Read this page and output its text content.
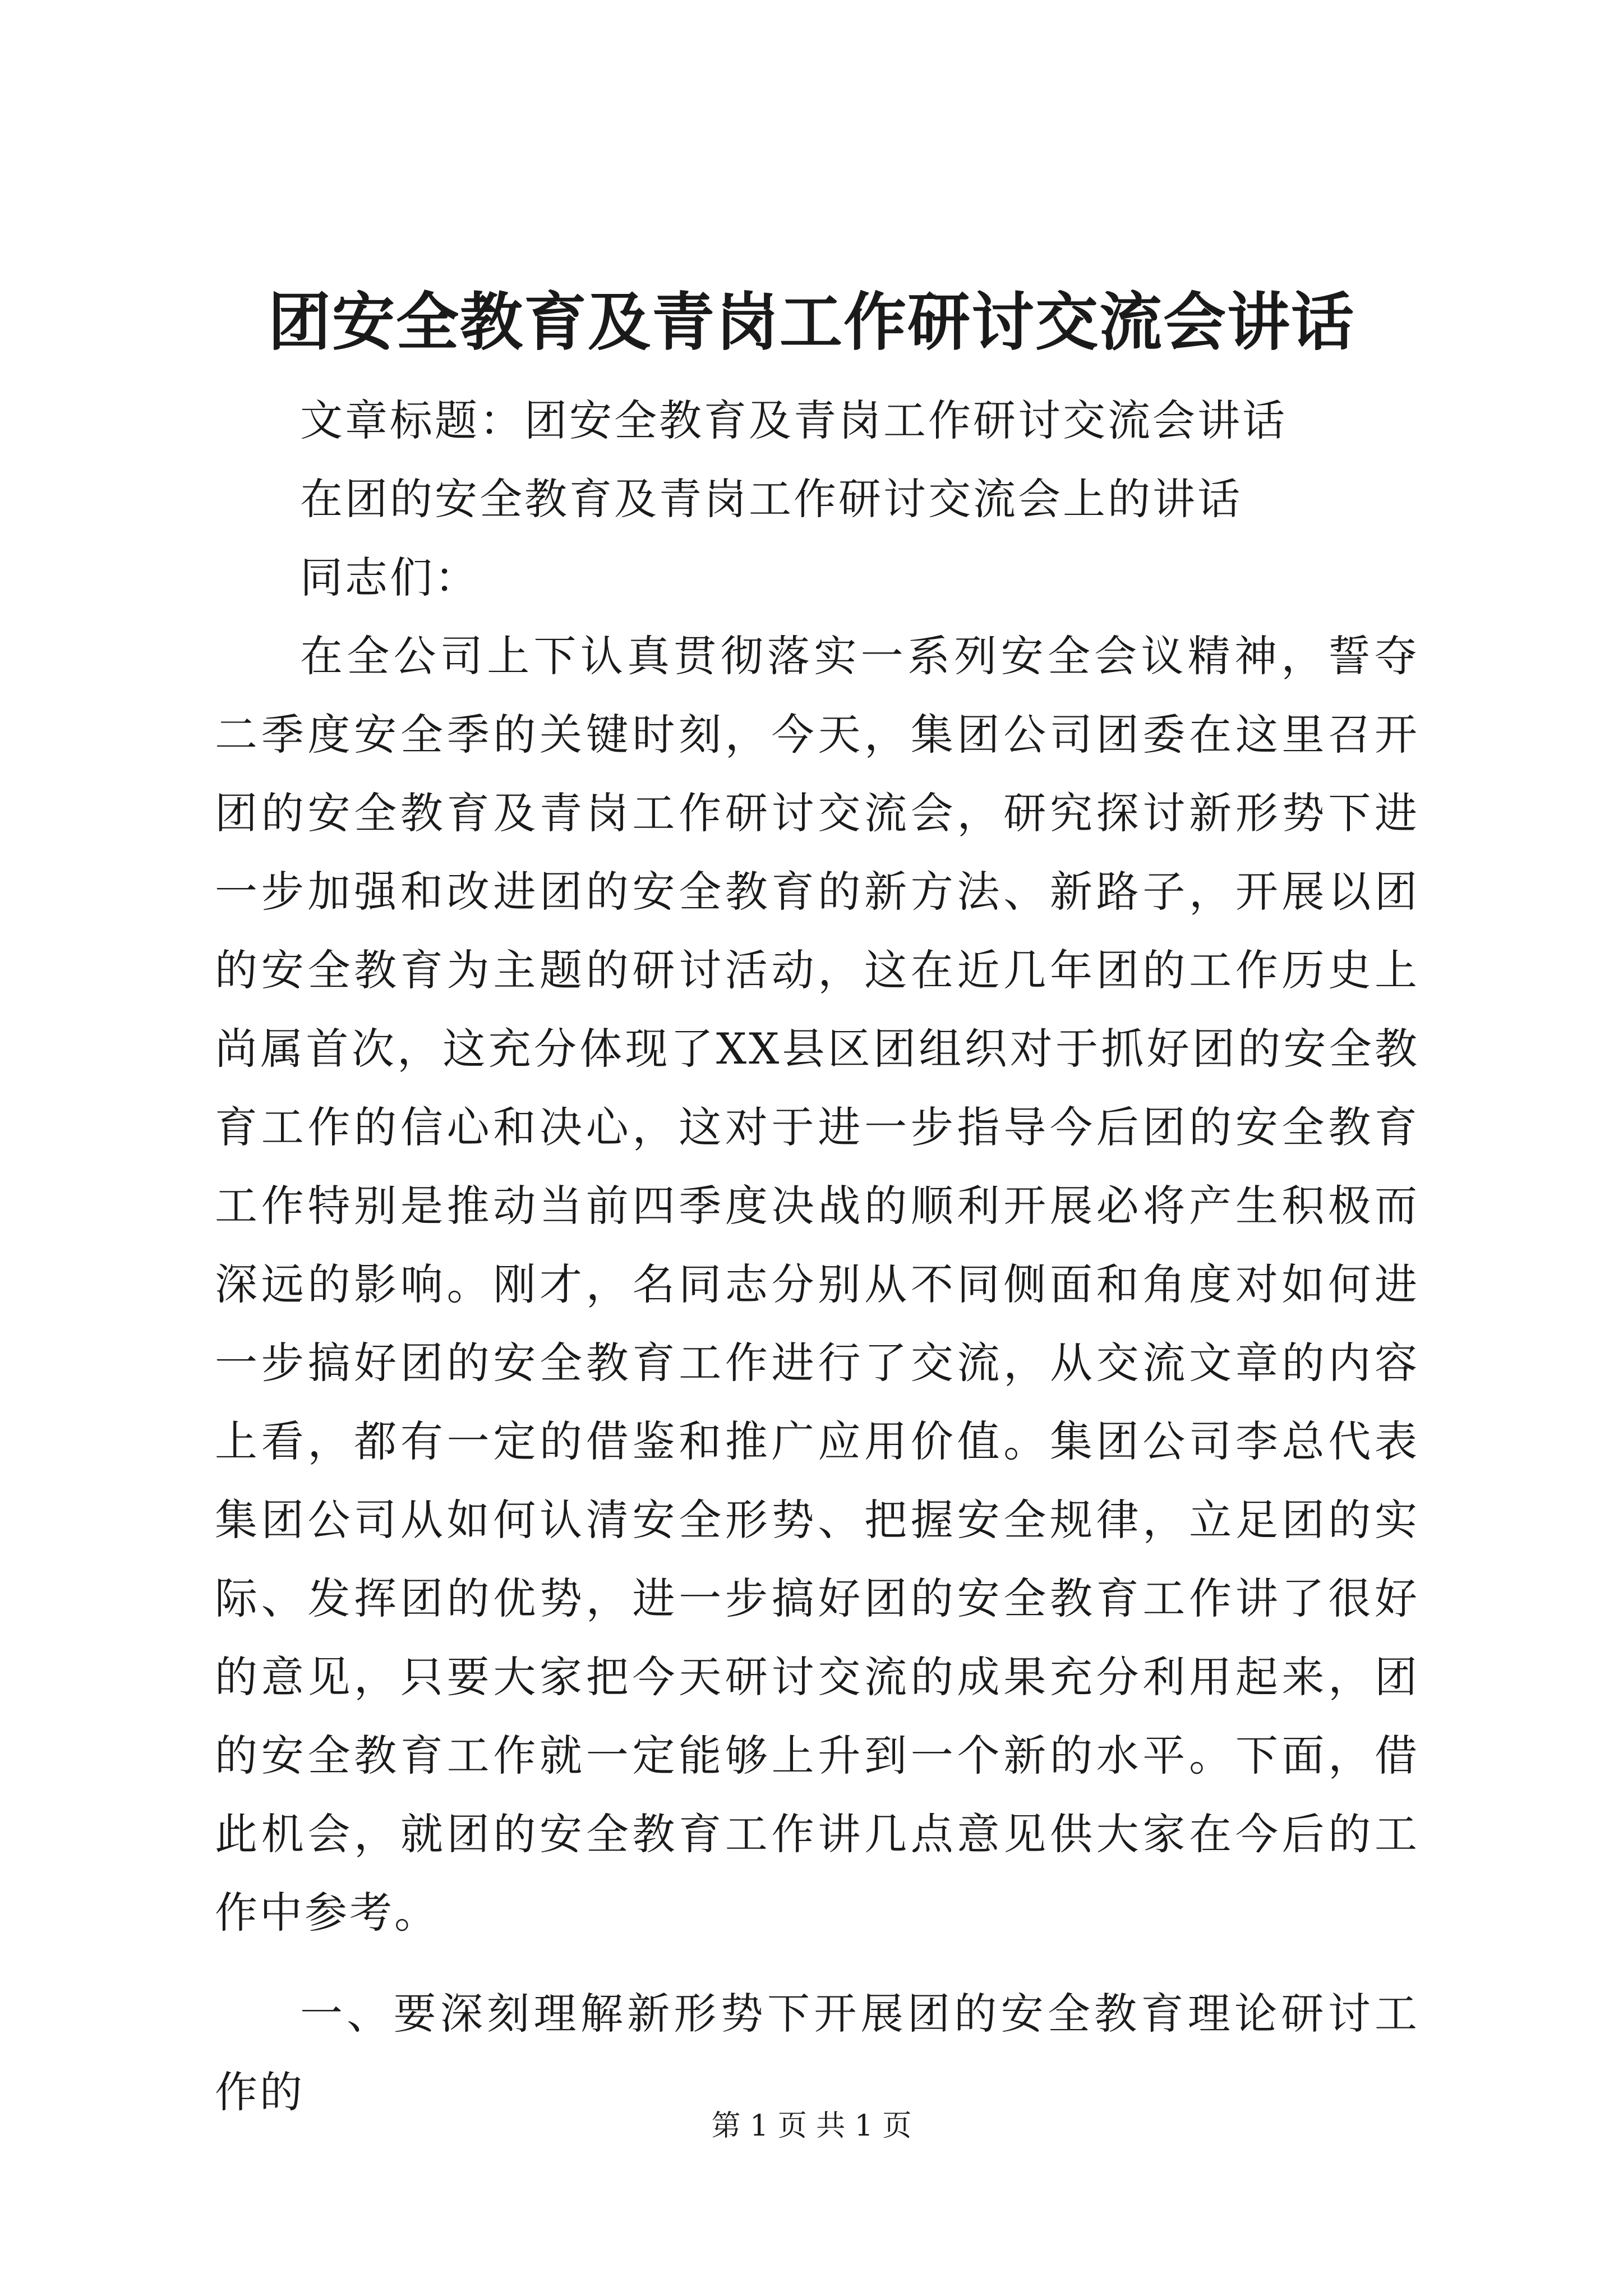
团安全教育及青岗工作研讨交流会讲话

文章标题：团安全教育及青岗工作研讨交流会讲话

在团的安全教育及青岗工作研讨交流会上的讲话

同志们：

在全公司上下认真贯彻落实一系列安全会议精神，誓夺二季度安全季的关键时刻，今天，集团公司团委在这里召开团的安全教育及青岗工作研讨交流会，研究探讨新形势下进一步加强和改进团的安全教育的新方法、新路子，开展以团的安全教育为主题的研讨活动，这在近几年团的工作历史上尚属首次，这充分体现了XX县区团组织对于抓好团的安全教育工作的信心和决心，这对于进一步指导今后团的安全教育工作特别是推动当前四季度决战的顺利开展必将产生积极而深远的影响。刚才，名同志分别从不同侧面和角度对如何进一步搞好团的安全教育工作进行了交流，从交流文章的内容上看，都有一定的借鉴和推广应用价值。集团公司李总代表集团公司从如何认清安全形势、把握安全规律，立足团的实际、发挥团的优势，进一步搞好团的安全教育工作讲了很好的意见，只要大家把今天研讨交流的成果充分利用起来，团的安全教育工作就一定能够上升到一个新的水平。下面，借此机会，就团的安全教育工作讲几点意见供大家在今后的工作中参考。

一、要深刻理解新形势下开展团的安全教育理论研讨工作的

第 1 页 共 1 页
